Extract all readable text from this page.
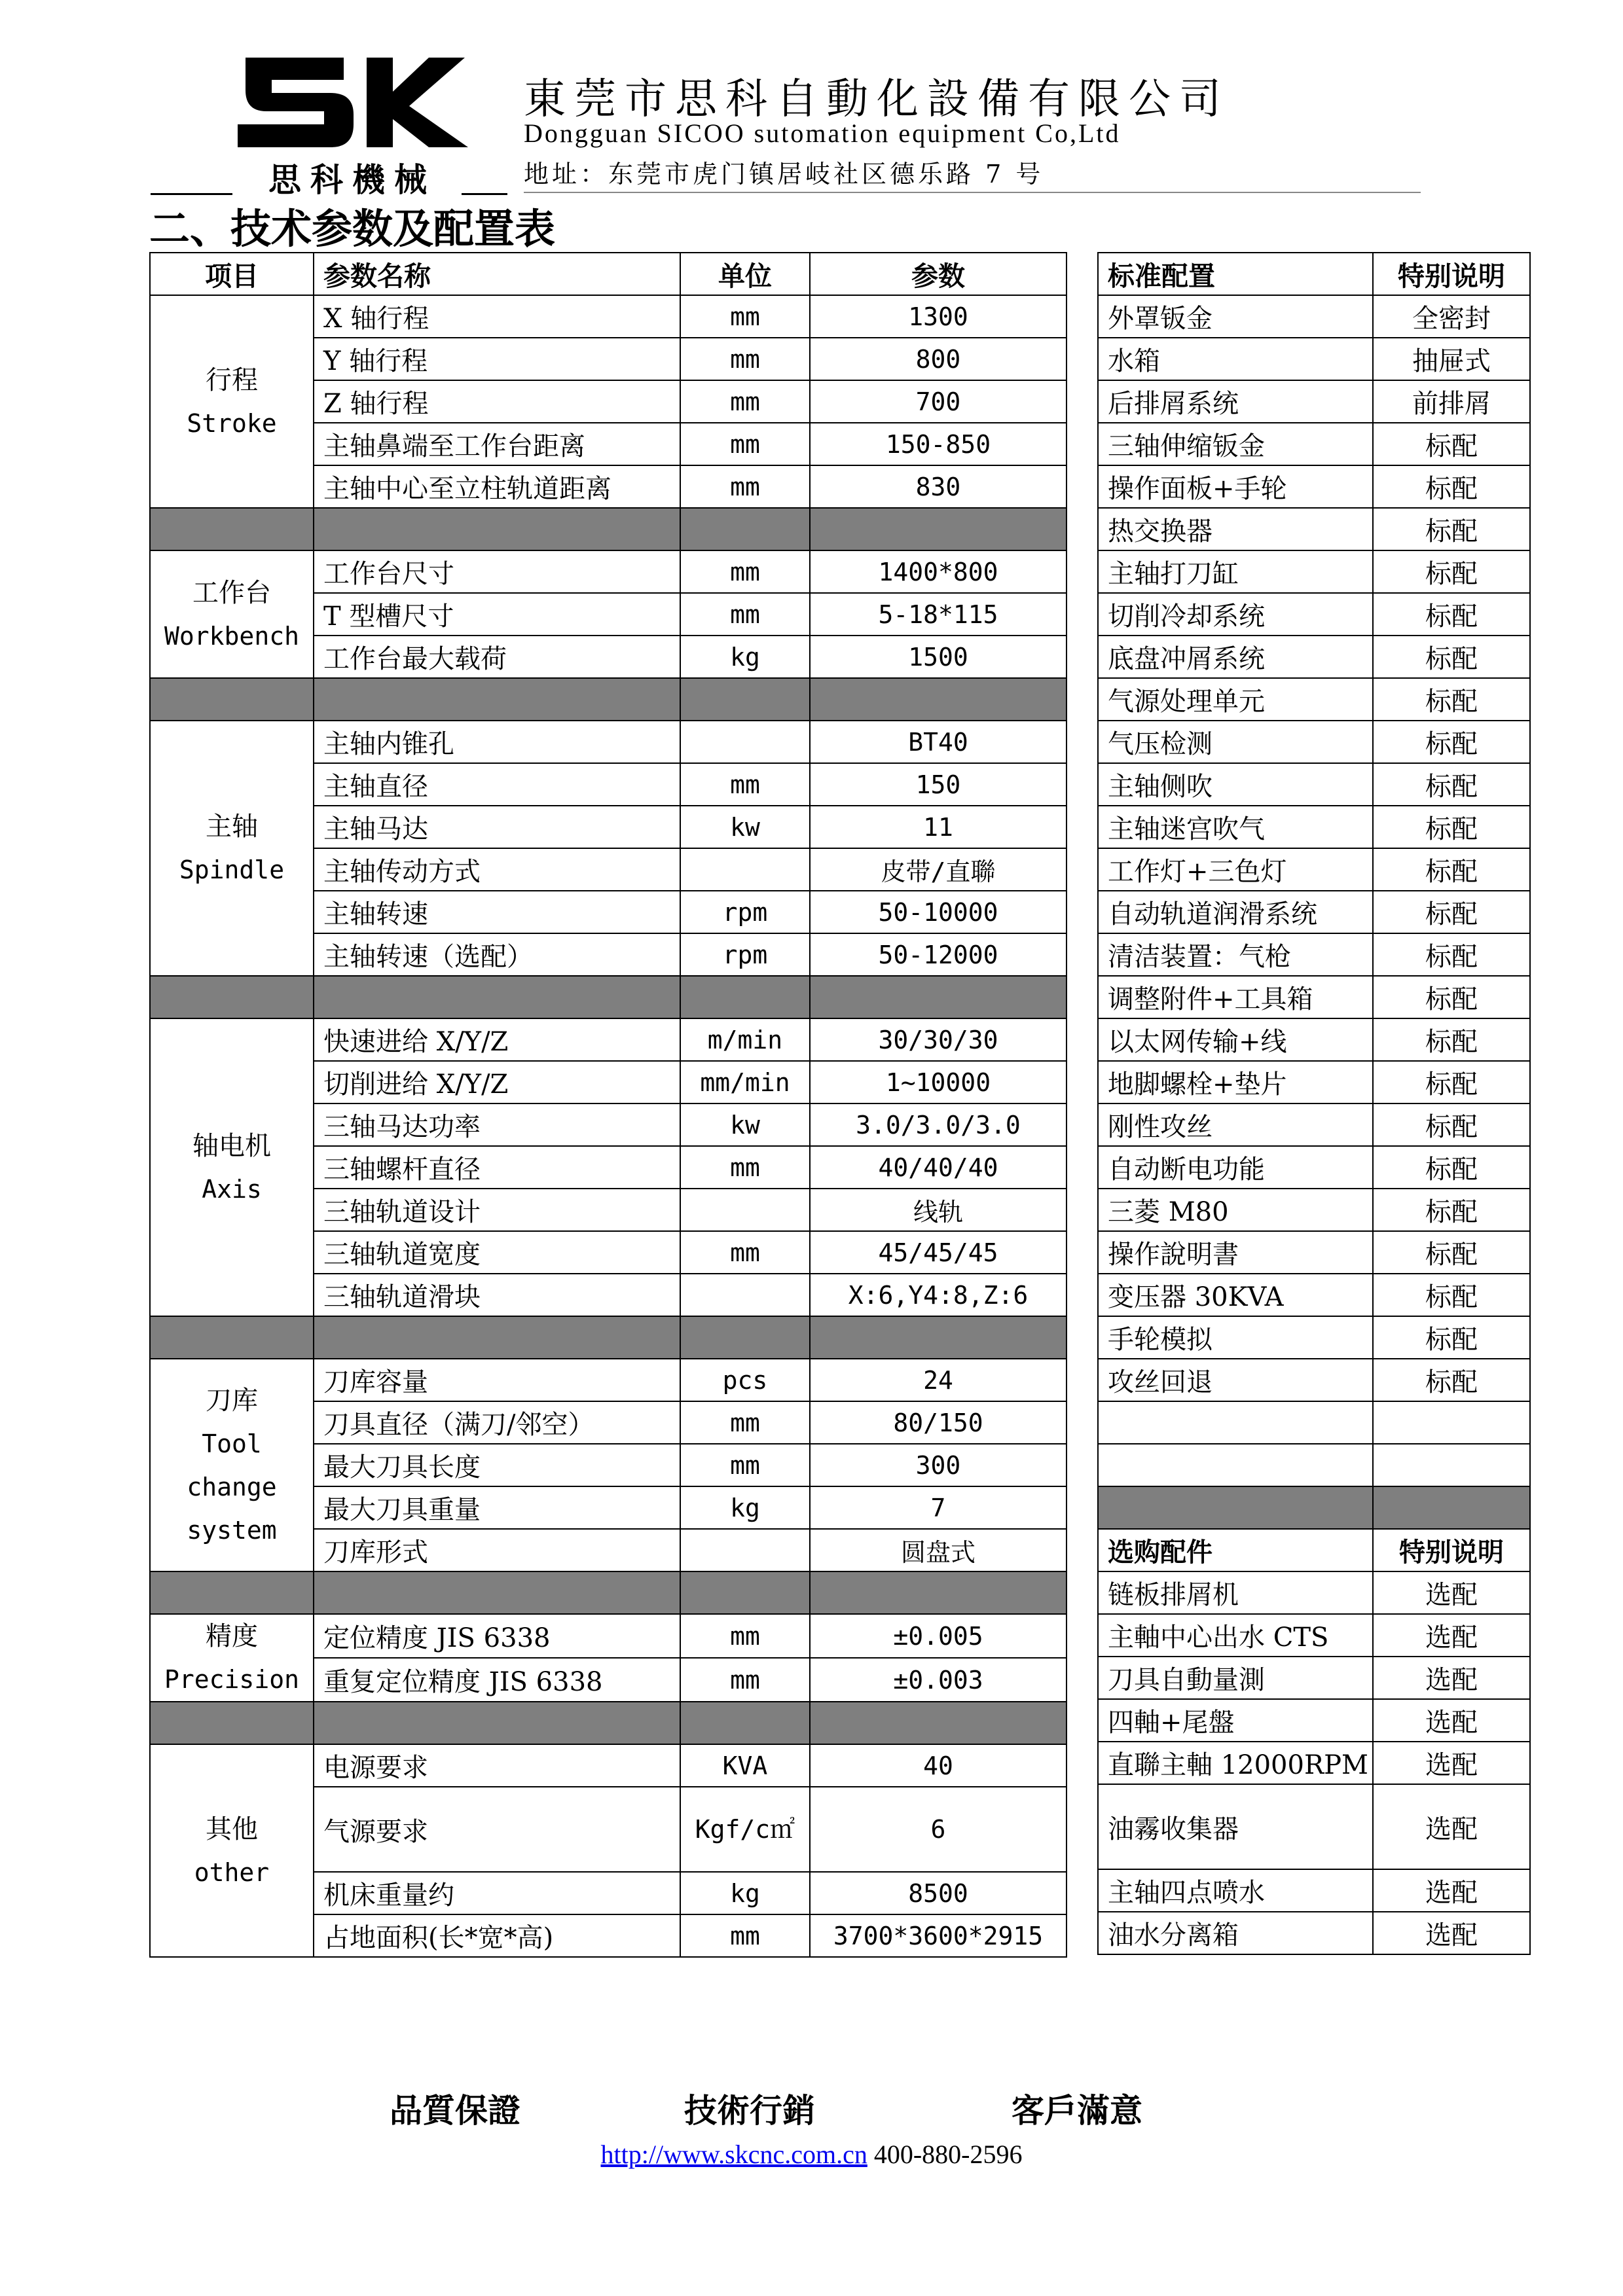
思科機械
東莞市思科自動化設備有限公司
Dongguan SICOO sutomation equipment Co,Ltd
地址：东莞市虎门镇居岐社区德乐路 7 号
二、技术参数及配置表
项目	参数名称	单位	参数

行程
Stroke	X 轴行程	mm	1300
	Y 轴行程	mm	800
	Z 轴行程	mm	700
	主轴鼻端至工作台距离	mm	150-850
	主轴中心至立柱轨道距离	mm	830

工作台
Workbench	工作台尺寸	mm	1400*800
	T 型槽尺寸	mm	5-18*115
	工作台最大载荷	kg	1500

主轴
Spindle	主轴内锥孔		BT40
	主轴直径	mm	150
	主轴马达	kw	11
	主轴传动方式		皮带/直聯
	主轴转速	rpm	50-10000
	主轴转速（选配）	rpm	50-12000

轴电机
Axis	快速进给 X/Y/Z	m/min	30/30/30
	切削进给 X/Y/Z	mm/min	1~10000
	三轴马达功率	kw	3.0/3.0/3.0
	三轴螺杆直径	mm	40/40/40
	三轴轨道设计		线轨
	三轴轨道宽度	mm	45/45/45
	三轴轨道滑块		X:6,Y4:8,Z:6

刀库
Tool change system	刀库容量	pcs	24
	刀具直径（满刀/邻空）	mm	80/150
	最大刀具长度	mm	300
	最大刀具重量	kg	7
	刀库形式		圆盘式

精度
Precision	定位精度 JIS 6338	mm	±0.005
	重复定位精度 JIS 6338	mm	±0.003

其他
other	电源要求	KVA	40
	气源要求	Kgf/c㎡	6
	机床重量约	kg	8500
	占地面积(长*宽*高)	mm	3700*3600*2915
标准配置	特别说明
外罩钣金	全密封
水箱	抽屉式
后排屑系统	前排屑
三轴伸缩钣金	标配
操作面板+手轮	标配
热交换器	标配
主轴打刀缸	标配
切削冷却系统	标配
底盘冲屑系统	标配
气源处理单元	标配
气压检测	标配
主轴侧吹	标配
主轴迷宫吹气	标配
工作灯+三色灯	标配
自动轨道润滑系统	标配
清洁装置：气枪	标配
调整附件+工具箱	标配
以太网传输+线	标配
地脚螺栓+垫片	标配
刚性攻丝	标配
自动断电功能	标配
三菱 M80	标配
操作說明書	标配
变压器 30KVA	标配
手轮模拟	标配
攻丝回退	标配

选购配件	特别说明
链板排屑机	选配
主軸中心出水 CTS	选配
刀具自動量測	选配
四軸+尾盤	选配
直聯主軸 12000RPM	选配
油霧收集器	选配
主轴四点喷水	选配
油水分离箱	选配
品質保證	技術行銷	客戶滿意
http://www.skcnc.com.cn 400-880-2596
